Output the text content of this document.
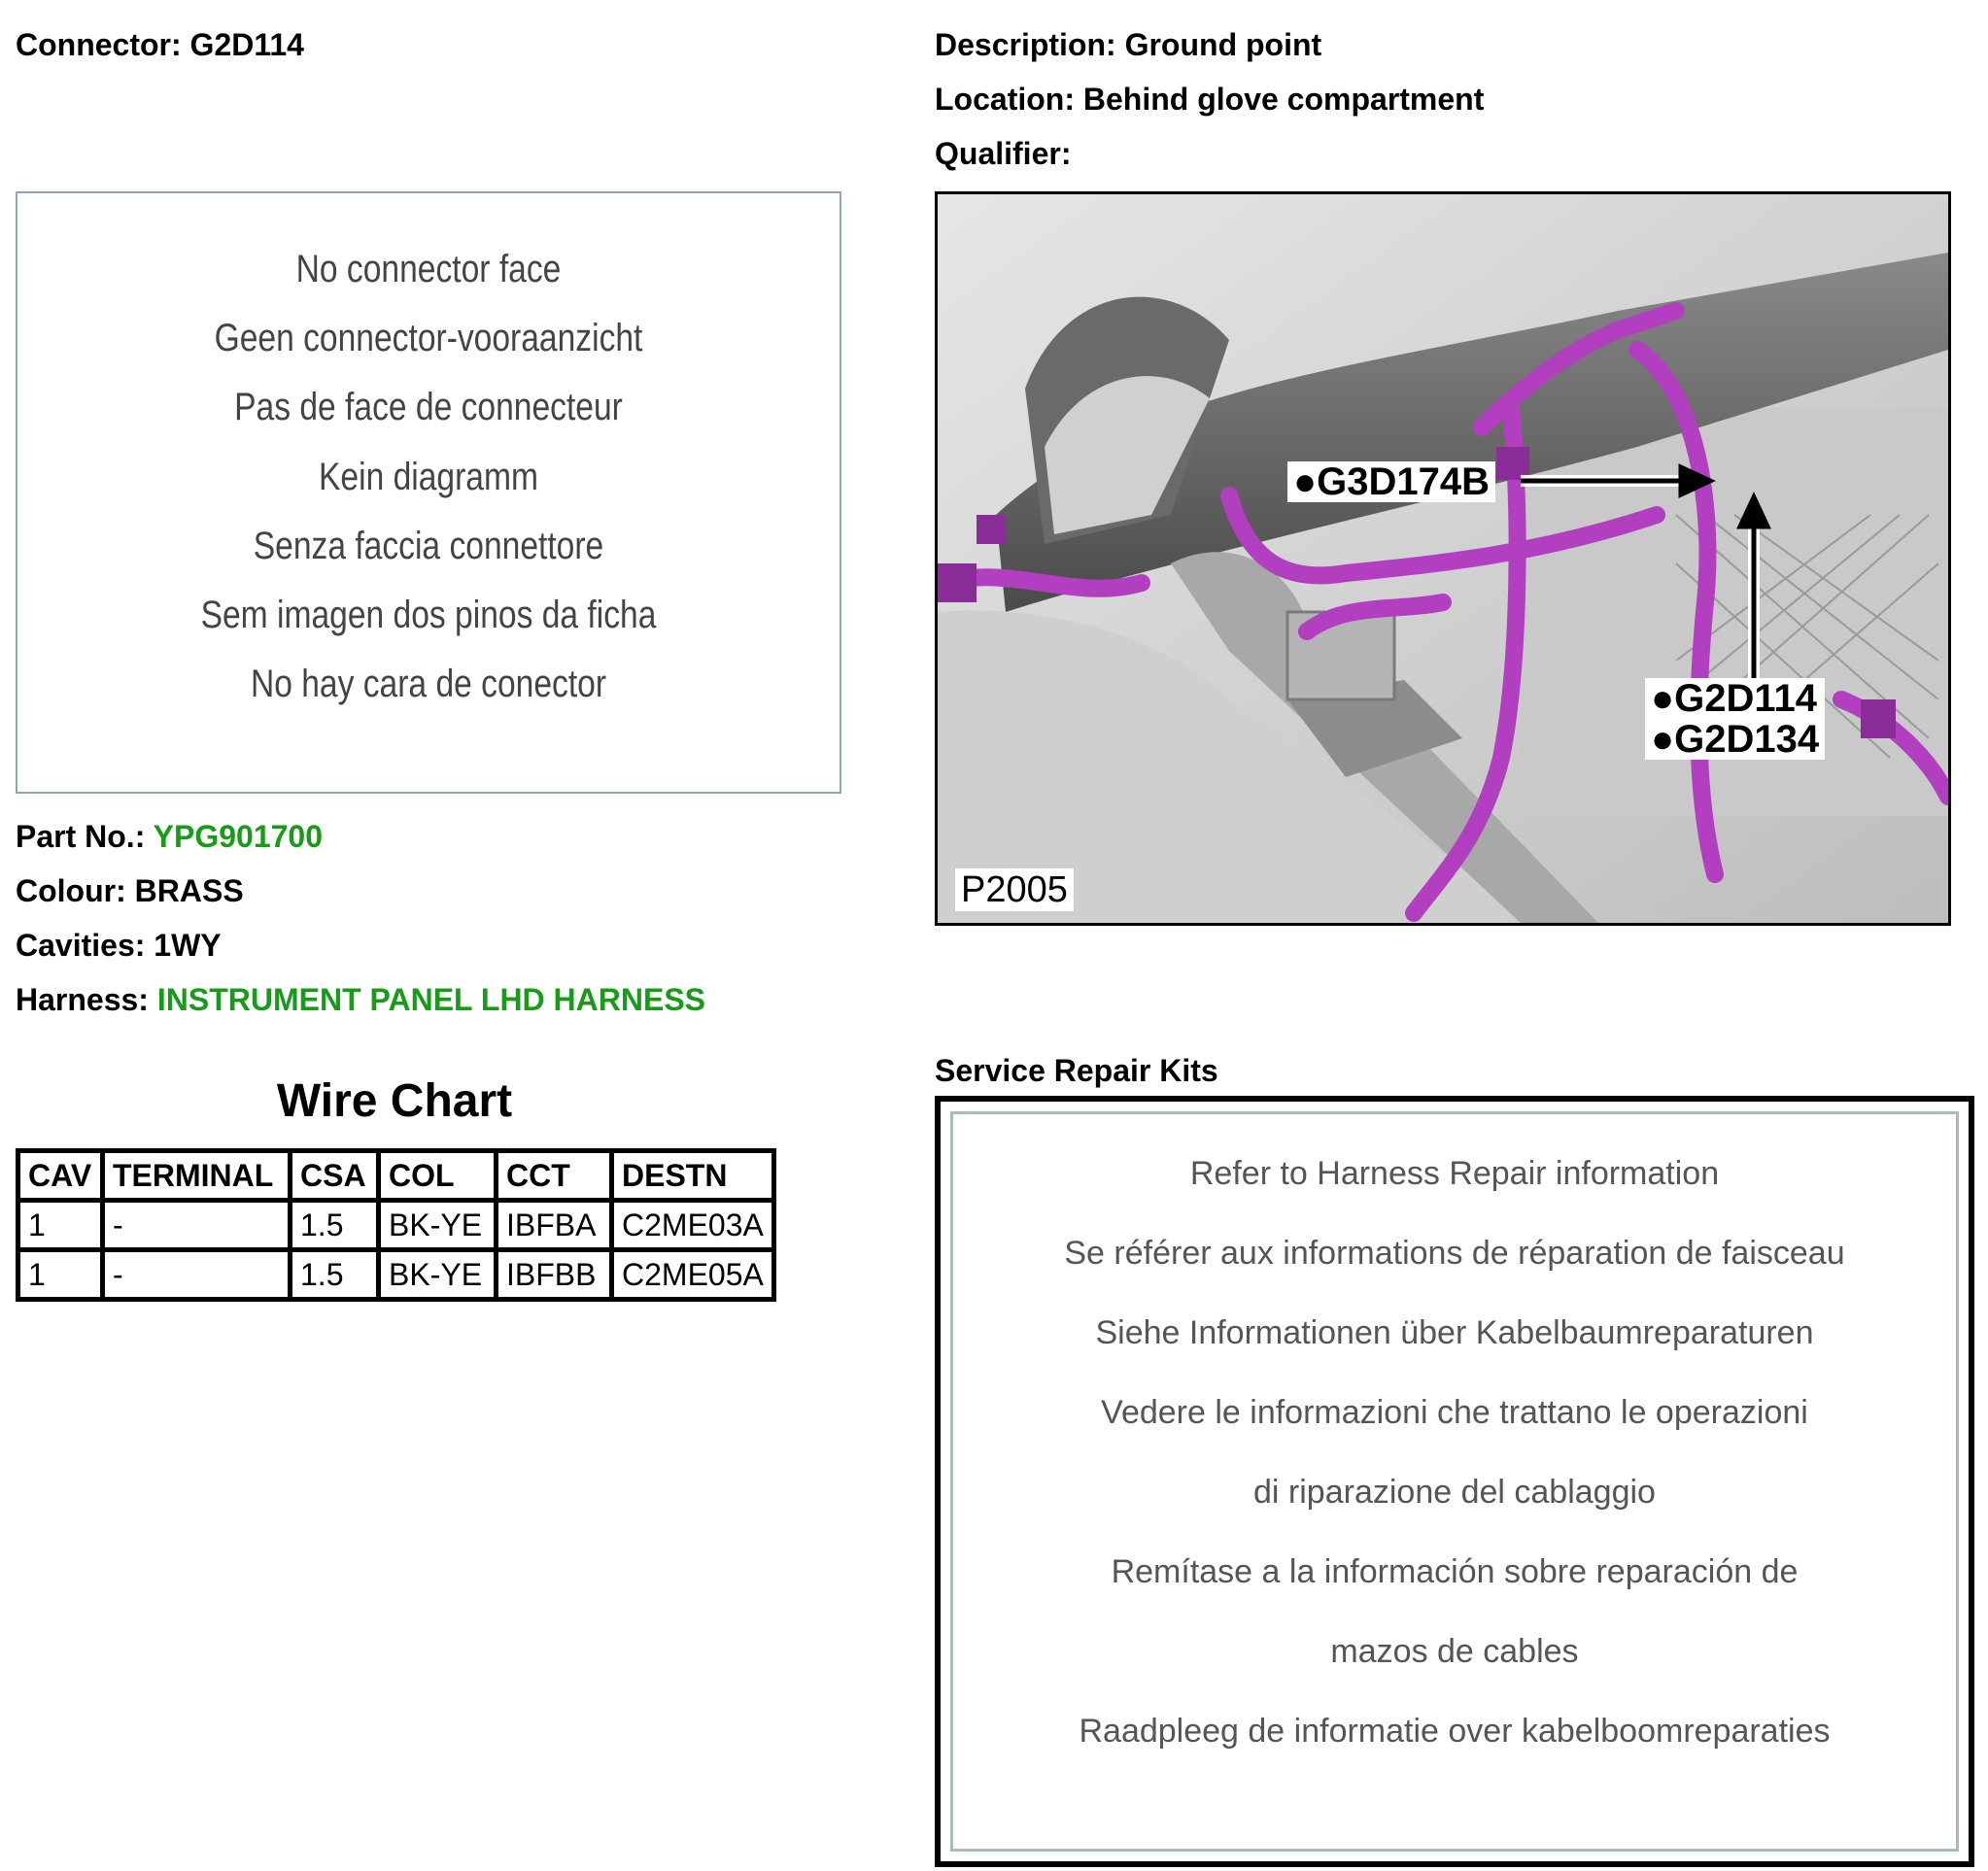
Connector: G2D114
No connector face
Geen connector-vooraanzicht
Pas de face de connecteur
Kein diagramm
Senza faccia connettore
Sem imagen dos pinos da ficha
No hay cara de conector
Part No.: YPG901700
Colour: BRASS
Cavities: 1WY
Harness: INSTRUMENT PANEL LHD HARNESS
Wire Chart
CAV	TERMINAL	CSA	COL	CCT	DESTN
1	-	1.5	BK-YE	IBFBA	C2ME03A
1	-	1.5	BK-YE	IBFBB	C2ME05A
Description: Ground point
Location: Behind glove compartment
Qualifier:
●G3D174B
●G2D114
●G2D134
P2005
Service Repair Kits
Refer to Harness Repair information
Se référer aux informations de réparation de faisceau
Siehe Informationen über Kabelbaumreparaturen
Vedere le informazioni che trattano le operazioni
di riparazione del cablaggio
Remítase a la información sobre reparación de
mazos de cables
Raadpleeg de informatie over kabelboomreparaties
